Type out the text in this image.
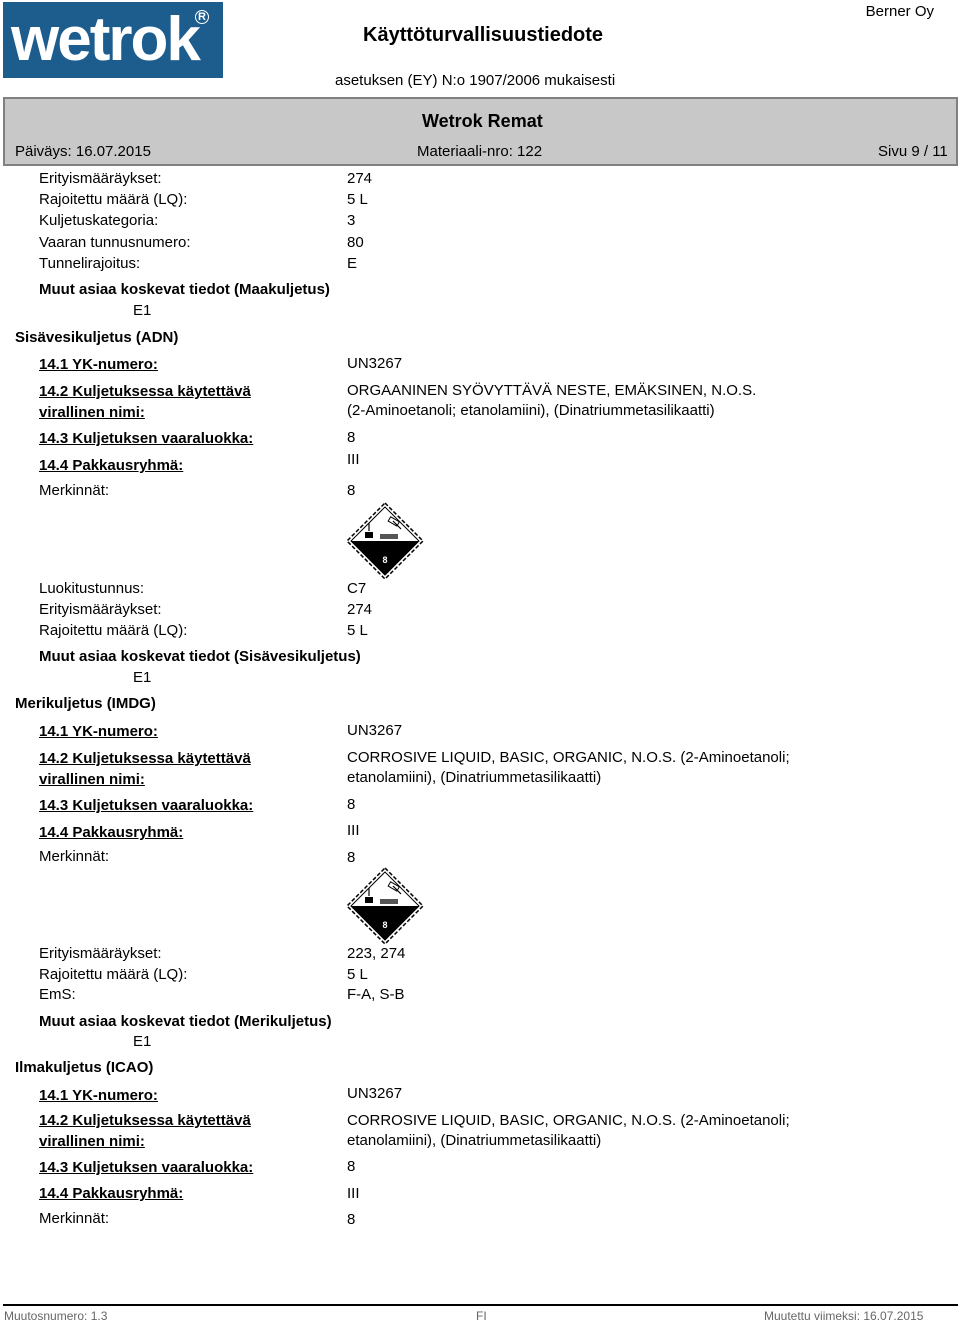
wetrok R
Käyttöturvallisuustiedote
Berner Oy
asetuksen (EY) N:o 1907/2006 mukaisesti
Wetrok Remat
Päiväys: 16.07.2015	Materiaali-nro: 122	Sivu 9 / 11
Erityismääräykset:	274
Rajoitettu määrä (LQ):	5 L
Kuljetuskategoria:	3
Vaaran tunnusnumero:	80
Tunnelirajoitus:	E
Muut asiaa koskevat tiedot (Maakuljetus)
E1
Sisävesikuljetus (ADN)
14.1 YK-numero:	UN3267
14.2 Kuljetuksessa käytettävä
virallinen nimi:
ORGAANINEN SYÖVYTTÄVÄ NESTE, EMÄKSINEN, N.O.S.
(2-Aminoetanoli; etanolamiini), (Dinatriummetasilikaatti)
14.3 Kuljetuksen vaaraluokka:	8
14.4 Pakkausryhmä:	III
Merkinnät:	8
8
Luokitustunnus:	C7
Erityismääräykset:	274
Rajoitettu määrä (LQ):	5 L
Muut asiaa koskevat tiedot (Sisävesikuljetus)
E1
Merikuljetus (IMDG)
14.1 YK-numero:	UN3267
14.2 Kuljetuksessa käytettävä
virallinen nimi:
CORROSIVE LIQUID, BASIC, ORGANIC, N.O.S. (2-Aminoetanoli;
etanolamiini), (Dinatriummetasilikaatti)
14.3 Kuljetuksen vaaraluokka:	8
14.4 Pakkausryhmä:	III
Merkinnät:	8
8
Erityismääräykset:	223, 274
Rajoitettu määrä (LQ):	5 L
EmS:	F-A, S-B
Muut asiaa koskevat tiedot (Merikuljetus)
E1
Ilmakuljetus (ICAO)
14.1 YK-numero:	UN3267
14.2 Kuljetuksessa käytettävä
virallinen nimi:
CORROSIVE LIQUID, BASIC, ORGANIC, N.O.S. (2-Aminoetanoli;
etanolamiini), (Dinatriummetasilikaatti)
14.3 Kuljetuksen vaaraluokka:	8
14.4 Pakkausryhmä:	III
Merkinnät:	8
Muutosnumero: 1.3	FI	Muutettu viimeksi: 16.07.2015
